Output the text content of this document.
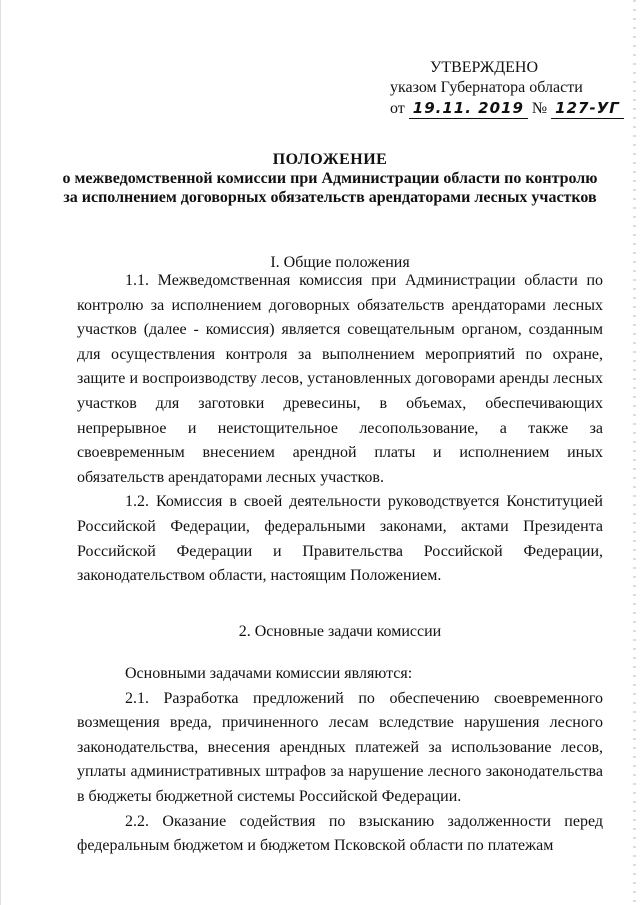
УТВЕРЖДЕНО
указом Губернатора области
от 19.11. 2019 № 127-УГ
ПОЛОЖЕНИЕ
о межведомственной комиссии при Администрации области по контролю
за исполнением договорных обязательств арендаторами лесных участков
I. Общие положения

1.1. Межведомственная комиссия при Администрации области по контролю за исполнением договорных обязательств арендаторами лесных участков (далее - комиссия) является совещательным органом, созданным для осуществления контроля за выполнением мероприятий по охране, защите и воспроизводству лесов, установленных договорами аренды лесных участков для заготовки древесины, в объемах, обеспечивающих непрерывное и неистощительное лесопользование, а также за своевременным внесением арендной платы и исполнением иных обязательств арендаторами лесных участков.

1.2. Комиссия в своей деятельности руководствуется Конституцией Российской Федерации, федеральными законами, актами Президента Российской Федерации и Правительства Российской Федерации, законодательством области, настоящим Положением.

2. Основные задачи комиссии

Основными задачами комиссии являются:

2.1. Разработка предложений по обеспечению своевременного возмещения вреда, причиненного лесам вследствие нарушения лесного законодательства, внесения арендных платежей за использование лесов, уплаты административных штрафов за нарушение лесного законодательства в бюджеты бюджетной системы Российской Федерации.

2.2. Оказание содействия по взысканию задолженности перед федеральным бюджетом и бюджетом Псковской области по платежам
